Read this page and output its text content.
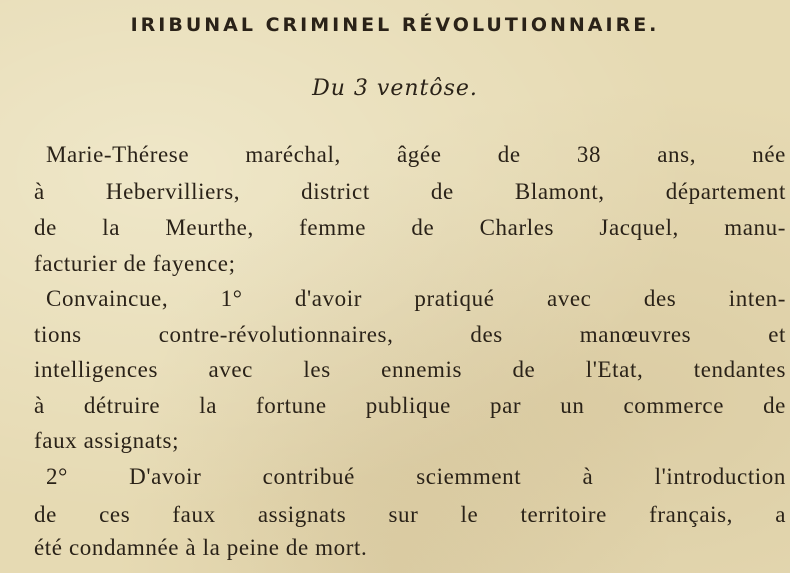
IRIBUNAL CRIMINEL RÉVOLUTIONNAIRE.
Du 3 ventôse.
Marie-Thérese maréchal, âgée de 38 ans, née
à Hebervilliers, district de Blamont, département
de la Meurthe, femme de Charles Jacquel, manu-
facturier de fayence;
Convaincue, 1° d'avoir pratiqué avec des inten-
tions contre-révolutionnaires, des manœuvres et
intelligences avec les ennemis de l'Etat, tendantes
à détruire la fortune publique par un commerce de
faux assignats;
2° D'avoir contribué sciemment à l'introduction
de ces faux assignats sur le territoire français, a
été condamnée à la peine de mort.
